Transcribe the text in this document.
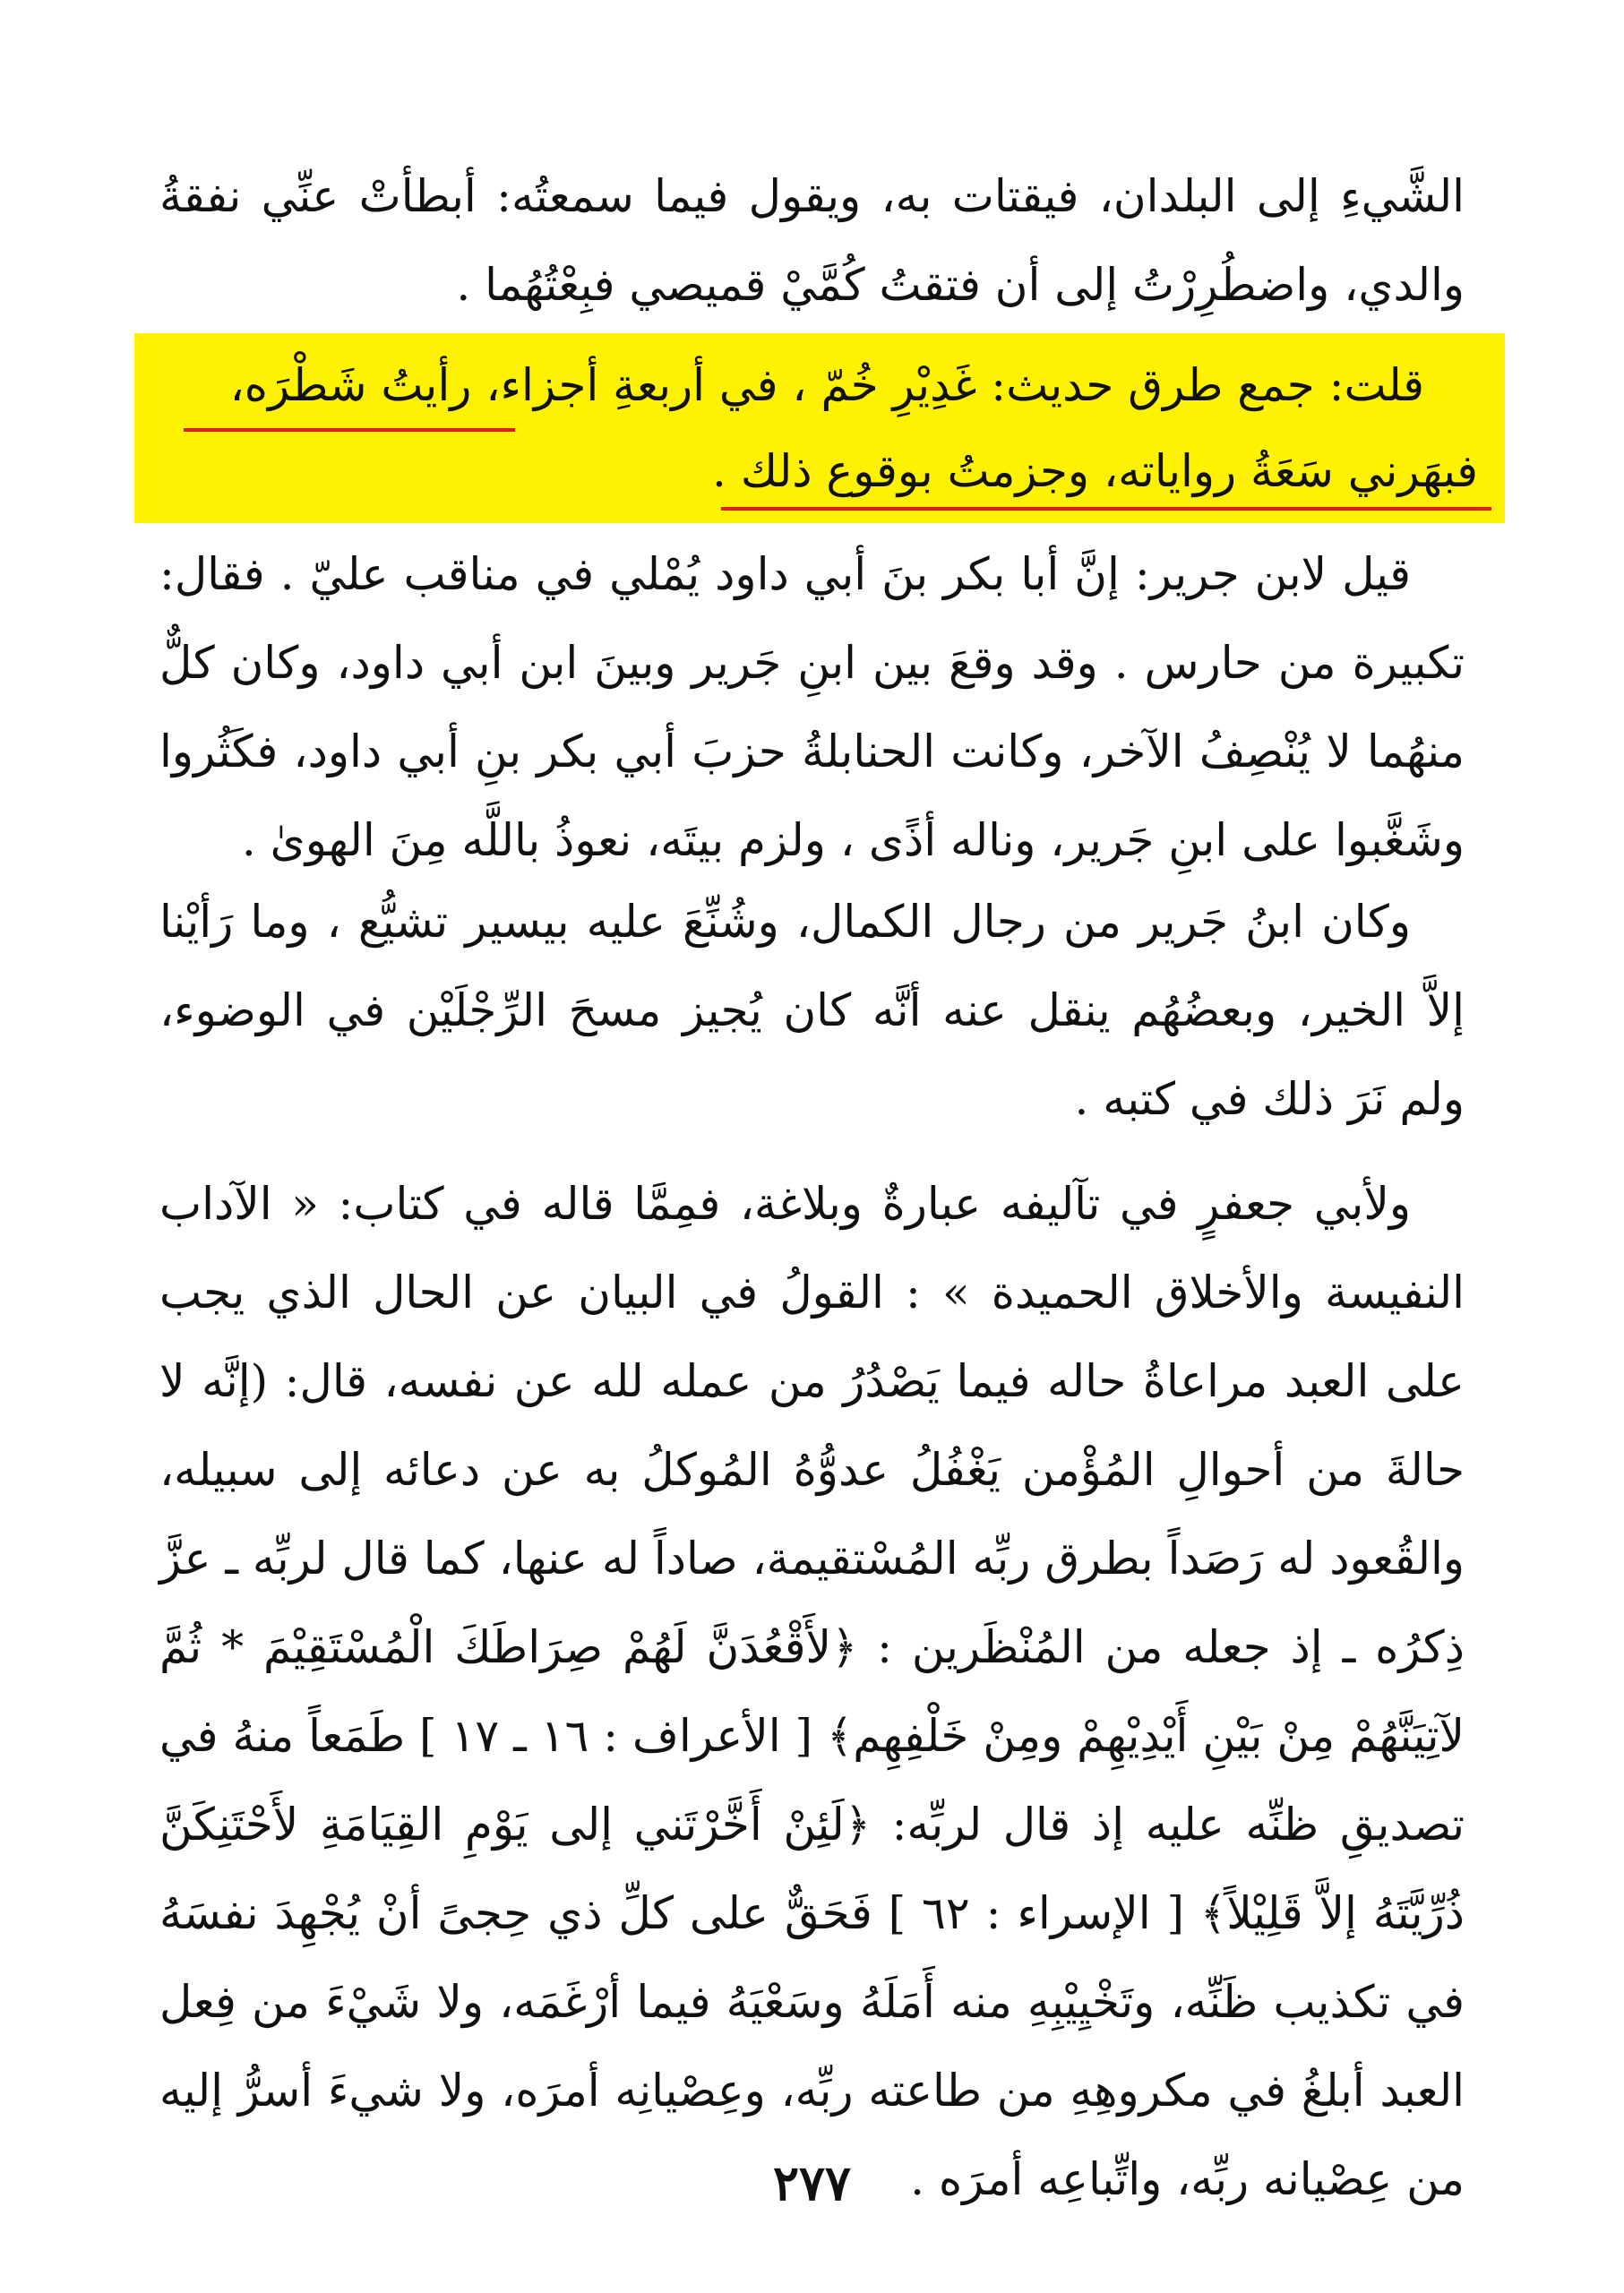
الشَّيءِ إلى البلدان، فيقتات به، ويقول فيما سمعتُه: أبطأتْ عنِّي نفقةُ والدي، واضطُرِرْتُ إلى أن فتقتُ كُمَّيْ قميصي فبِعْتُهُما .

قلت: جمع طرق حديث: غَدِيْرِ خُمّ ، في أربعةِ أجزاء، رأيتُ شَطْرَه،
فبهَرني سَعَةُ رواياته، وجزمتُ بوقوع ذلك .

قيل لابن جرير: إنَّ أبا بكر بنَ أبي داود يُمْلي في مناقب عليّ . فقال: تكبيرة من حارس . وقد وقعَ بين ابنِ جَرير وبينَ ابن أبي داود، وكان كلٌّ منهُما لا يُنْصِفُ الآخر، وكانت الحنابلةُ حزبَ أبي بكر بنِ أبي داود، فكَثُروا وشَغَّبوا على ابنِ جَرير، وناله أذًى ، ولزم بيتَه، نعوذُ باللَّه مِنَ الهوىٰ .

وكان ابنُ جَرير من رجال الكمال، وشُنِّعَ عليه بيسير تشيُّع ، وما رَأيْنا إلاَّ الخير، وبعضُهُم ينقل عنه أنَّه كان يُجيز مسحَ الرِّجْلَيْن في الوضوء، ولم نَرَ ذلك في كتبه .

ولأبي جعفرٍ في تآليفه عبارةٌ وبلاغة، فمِمَّا قاله في كتاب: « الآداب النفيسة والأخلاق الحميدة » : القولُ في البيان عن الحال الذي يجب على العبد مراعاةُ حاله فيما يَصْدُرُ من عمله لله عن نفسه، قال: (إنَّه لا حالةَ من أحوالِ المُؤْمن يَغْفُلُ عدوُّهُ المُوكلُ به عن دعائه إلى سبيله، والقُعود له رَصَداً بطرق ربِّه المُسْتقيمة، صاداً له عنها، كما قال لربِّه ـ عزَّ ذِكرُه ـ إذ جعله من المُنْظَرين : ﴿لأَقْعُدَنَّ لَهُمْ صِرَاطَكَ الْمُسْتَقِيْمَ * ثُمَّ لآتِيَنَّهُمْ مِنْ بَيْنِ أَيْدِيْهِمْ ومِنْ خَلْفِهِم﴾ [ الأعراف : ١٦ ـ ١٧ ] طَمَعاً منهُ في تصديقِ ظنِّه عليه إذ قال لربِّه: ﴿لَئِنْ أَخَّرْتَني إلى يَوْمِ القِيَامَةِ لأَحْتَنِكَنَّ ذُرِّيَّتَهُ إلاَّ قَلِيْلاً﴾ [ الإسراء : ٦٢ ] فَحَقٌّ على كلِّ ذي حِجىً أنْ يُجْهِدَ نفسَهُ في تكذيب ظَنِّه، وتَخْيِيْبِهِ منه أَمَلَهُ وسَعْيَهُ فيما أرْغَمَه، ولا شَيْءَ من فِعل العبد أبلغُ في مكروهِهِ من طاعته ربِّه، وعِصْيانِه أمرَه، ولا شيءَ أسرُّ إليه من عِصْيانه ربِّه، واتِّباعِه أمرَه .

٢٧٧
